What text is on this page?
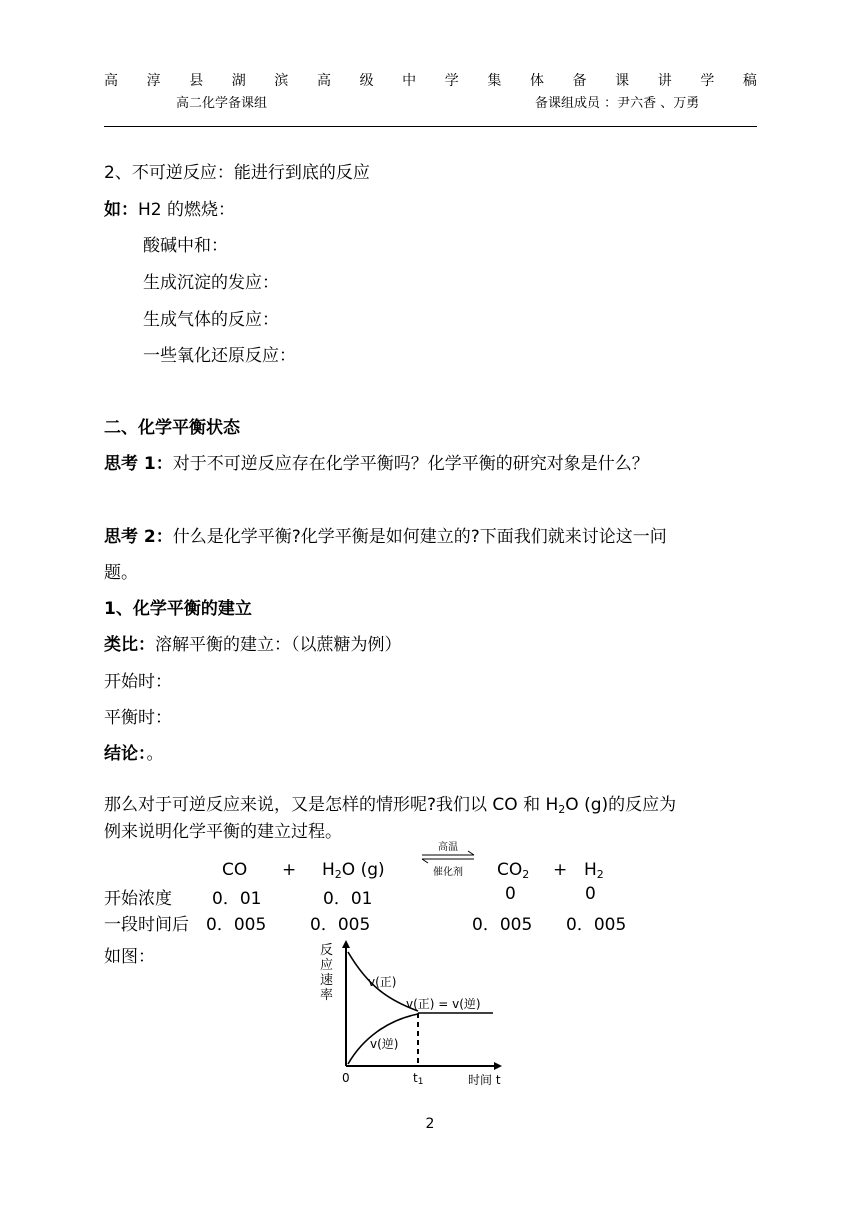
高 淳 县 湖 滨 高 级 中 学 集 体 备 课 讲 学 稿
高二化学备课组	备课组成员 ：尹六香 、万勇
2、不可逆反应：能进行到底的反应
如：H2 的燃烧：
酸碱中和：
生成沉淀的发应：
生成气体的反应：
一些氧化还原反应：
二、化学平衡状态
思考 1：对于不可逆反应存在化学平衡吗？化学平衡的研究对象是什么？
思考 2：什么是化学平衡?化学平衡是如何建立的?下面我们就来讨论这一问
题。
1、化学平衡的建立
类比：溶解平衡的建立：（以蔗糖为例）
开始时：
平衡时：
结论：。
那么对于可逆反应来说，又是怎样的情形呢?我们以 CO 和 $H_2O$ (g)的反应为
例来说明化学平衡的建立过程。
CO + $H_2O$ (g)
高温
催化剂	$CO_2 + H_2$
开始浓度 0．01	0．01	0	0
一段时间后 0．005	0．005	0．005 0．005
如图：	反
应
速
率
v(正)
v(逆)
v(正) = v(逆)
0	t1	时间 t
2
